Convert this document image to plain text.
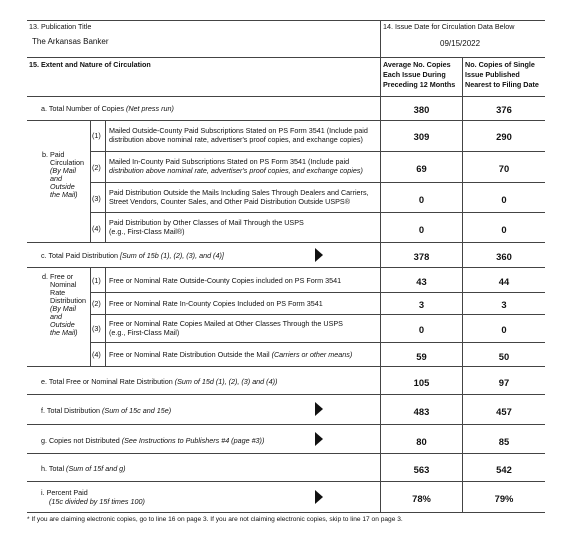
13. Publication Title
The Arkansas Banker
14. Issue Date for Circulation Data Below
09/15/2022
15. Extent and Nature of Circulation	Average No. Copies
Each Issue During
Preceding 12 Months
No. Copies of Single
Issue Published
Nearest to Filing Date
a. Total Number of Copies (Net press run)	380	376
b. Paid
Circulation
(By Mail
and
Outside
the Mail)
(1)
Mailed Outside-County Paid Subscriptions Stated on PS Form 3541 (Include paid
distribution above nominal rate, advertiser's proof copies, and exchange copies)	309	290
(2)
Mailed In-County Paid Subscriptions Stated on PS Form 3541 (Include paid
distribution above nominal rate, advertiser's proof copies, and exchange copies)	69	70
(3)
Paid Distribution Outside the Mails Including Sales Through Dealers and Carriers,
Street Vendors, Counter Sales, and Other Paid Distribution Outside USPS®	0	0
(4)
Paid Distribution by Other Classes of Mail Through the USPS
(e.g., First-Class Mail®)	0	0
c. Total Paid Distribution [Sum of 15b (1), (2), (3), and (4)]	378	360
d. Free or
Nominal
Rate
Distribution
(By Mail
and
Outside
the Mail)
(1) Free or Nominal Rate Outside-County Copies included on PS Form 3541	43	44
(2) Free or Nominal Rate In-County Copies Included on PS Form 3541	3	3
(3)
Free or Nominal Rate Copies Mailed at Other Classes Through the USPS
(e.g., First-Class Mail)	0	0
(4) Free or Nominal Rate Distribution Outside the Mail (Carriers or other means)	59	50
e. Total Free or Nominal Rate Distribution (Sum of 15d (1), (2), (3) and (4))	105	97
f. Total Distribution (Sum of 15c and 15e)	483	457
g. Copies not Distributed (See Instructions to Publishers #4 (page #3))	80	85
h. Total (Sum of 15f and g)	563	542
i. Percent Paid
(15c divided by 15f times 100)	78%	79%
* If you are claiming electronic copies, go to line 16 on page 3. If you are not claiming electronic copies, skip to line 17 on page 3.
